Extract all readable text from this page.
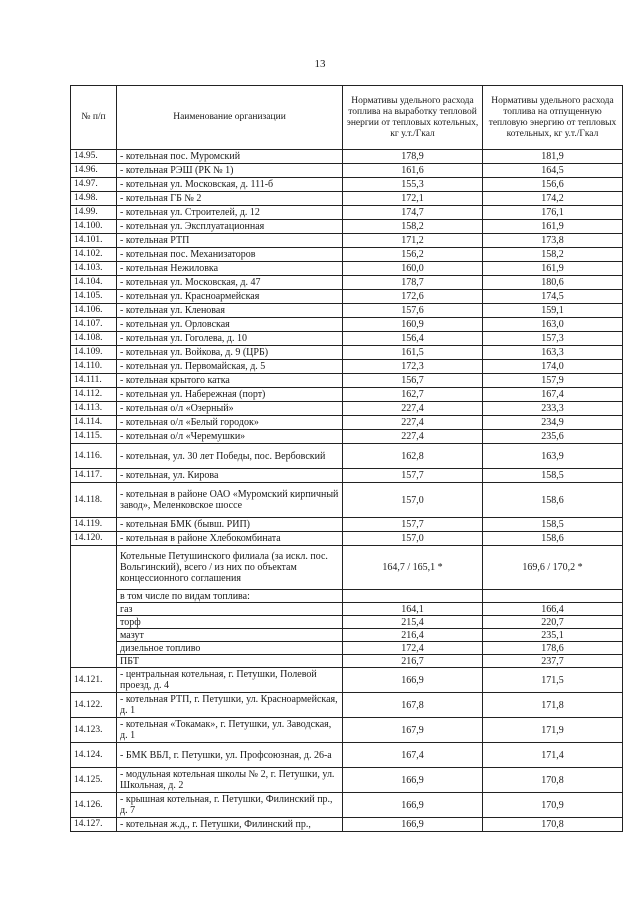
13
№ п/п	Наименование организации	Нормативы удельного расхода топлива на выработку тепловой энергии от тепловых котельных, кг у.т./Гкал	Нормативы удельного расхода топлива на отпущенную тепловую энергию от тепловых котельных, кг у.т./Гкал
14.95.	- котельная пос. Муромский	178,9	181,9
14.96.	- котельная РЭШ (РК № 1)	161,6	164,5
14.97.	- котельная ул. Московская, д. 111-б	155,3	156,6
14.98.	- котельная ГБ № 2	172,1	174,2
14.99.	- котельная ул. Строителей, д. 12	174,7	176,1
14.100.	- котельная ул. Эксплуатационная	158,2	161,9
14.101.	- котельная РТП	171,2	173,8
14.102.	- котельная пос. Механизаторов	156,2	158,2
14.103.	- котельная Нежиловка	160,0	161,9
14.104.	- котельная ул. Московская, д. 47	178,7	180,6
14.105.	- котельная ул. Красноармейская	172,6	174,5
14.106.	- котельная ул. Кленовая	157,6	159,1
14.107.	- котельная ул. Орловская	160,9	163,0
14.108.	- котельная ул. Гоголева, д. 10	156,4	157,3
14.109.	- котельная ул. Войкова, д. 9 (ЦРБ)	161,5	163,3
14.110.	- котельная ул. Первомайская, д. 5	172,3	174,0
14.111.	- котельная крытого катка	156,7	157,9
14.112.	- котельная ул. Набережная (порт)	162,7	167,4
14.113.	- котельная о/л «Озерный»	227,4	233,3
14.114.	- котельная о/л «Белый городок»	227,4	234,9
14.115.	- котельная о/л «Черемушки»	227,4	235,6
14.116.	- котельная, ул. 30 лет Победы, пос. Вербовский	162,8	163,9
14.117.	- котельная, ул. Кирова	157,7	158,5
14.118.	- котельная в районе ОАО «Муромский кирпичный завод», Меленковское шоссе	157,0	158,6
14.119.	- котельная БМК (бывш. РИП)	157,7	158,5
14.120.	- котельная в районе Хлебокомбината	157,0	158,6
	Котельные Петушинского филиала (за искл. пос. Вольгинский), всего / из них по объектам концессионного соглашения	164,7 / 165,1 *	169,6 / 170,2 *
	в том числе по видам топлива:		
	газ	164,1	166,4
	торф	215,4	220,7
	мазут	216,4	235,1
	дизельное топливо	172,4	178,6
	ПБТ	216,7	237,7
14.121.	- центральная котельная, г. Петушки, Полевой проезд, д. 4	166,9	171,5
14.122.	- котельная РТП, г. Петушки, ул. Красноармейская, д. 1	167,8	171,8
14.123.	- котельная «Токамак», г. Петушки, ул. Заводская, д. 1	167,9	171,9
14.124.	- БМК ВБЛ, г. Петушки, ул. Профсоюзная, д. 26-а	167,4	171,4
14.125.	- модульная котельная школы № 2, г. Петушки, ул. Школьная, д. 2	166,9	170,8
14.126.	- крышная котельная, г. Петушки, Филинский пр., д. 7	166,9	170,9
14.127.	- котельная ж.д., г. Петушки, Филинский пр.,	166,9	170,8
